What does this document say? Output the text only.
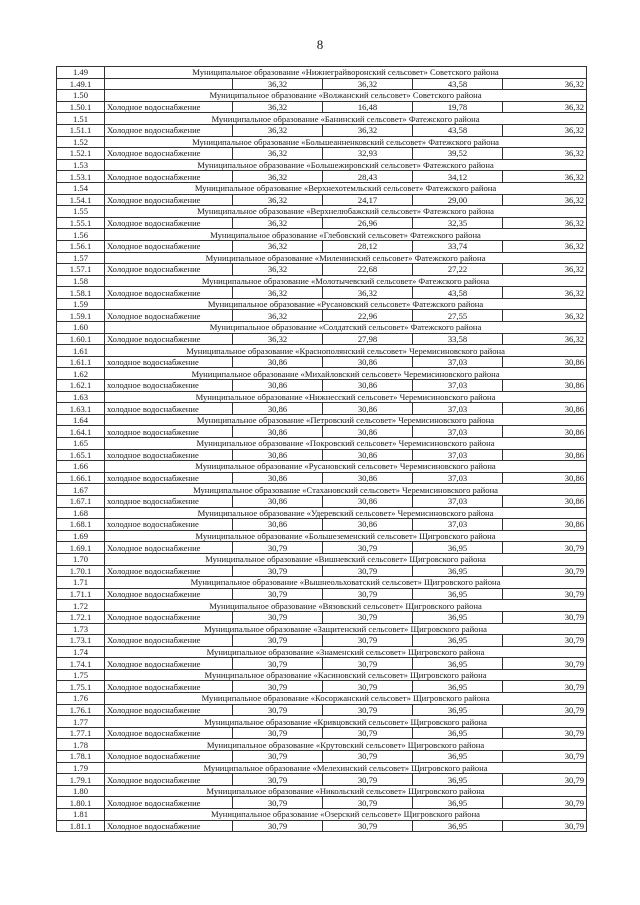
8
1.49	Муниципальное образование «Нижнеграйворонский сельсовет» Советского района				
1.49.1		36,32	36,32	43,58	36,32
1.50	Муниципальное образование «Волжанский сельсовет» Советского района				
1.50.1	Холодное водоснабжение	36,32	16,48	19,78	36,32
1.51	Муниципальное образование «Банинский сельсовет» Фатежского района				
1.51.1	Холодное водоснабжение	36,32	36,32	43,58	36,32
1.52	Муниципальное образование «Большеанненковский сельсовет» Фатежского района				
1.52.1	Холодное водоснабжение	36,32	32,93	39,52	36,32
1.53	Муниципальное образование «Большежировский сельсовет» Фатежского района				
1.53.1	Холодное водоснабжение	36,32	28,43	34,12	36,32
1.54	Муниципальное образование «Верхнехотемльский сельсовет» Фатежского района				
1.54.1	Холодное водоснабжение	36,32	24,17	29,00	36,32
1.55	Муниципальное образование «Верхнелюбажский сельсовет» Фатежского района				
1.55.1	Холодное водоснабжение	36,32	26,96	32,35	36,32
1.56	Муниципальное образование «Глебовский сельсовет» Фатежского района				
1.56.1	Холодное водоснабжение	36,32	28,12	33,74	36,32
1.57	Муниципальное образование «Миленинский сельсовет» Фатежского района				
1.57.1	Холодное водоснабжение	36,32	22,68	27,22	36,32
1.58	Муниципальное образование «Молотычевский сельсовет» Фатежского района				
1.58.1	Холодное водоснабжение	36,32	36,32	43,58	36,32
1.59	Муниципальное образование «Русановский сельсовет» Фатежского района				
1.59.1	Холодное водоснабжение	36,32	22,96	27,55	36,32
1.60	Муниципальное образование «Солдатский сельсовет» Фатежского района				
1.60.1	Холодное водоснабжение	36,32	27,98	33,58	36,32
1.61	Муниципальное образование «Краснополянский сельсовет» Черемисиновского района				
1.61.1	холодное водоснабжение	30,86	30,86	37,03	30,86
1.62	Муниципальное образование «Михайловский сельсовет» Черемисиновского района				
1.62.1	холодное водоснабжение	30,86	30,86	37,03	30,86
1.63	Муниципальное образование «Нижнесский сельсовет» Черемисиновского района				
1.63.1	холодное водоснабжение	30,86	30,86	37,03	30,86
1.64	Муниципальное образование «Петровский сельсовет» Черемисиновского района				
1.64.1	холодное водоснабжение	30,86	30,86	37,03	30,86
1.65	Муниципальное образование «Покровский сельсовет» Черемисиновского района				
1.65.1	холодное водоснабжение	30,86	30,86	37,03	30,86
1.66	Муниципальное образование «Русановский сельсовет» Черемисиновского района				
1.66.1	холодное водоснабжение	30,86	30,86	37,03	30,86
1.67	Муниципальное образование «Стахановский сельсовет» Черемисиновского района				
1.67.1	холодное водоснабжение	30,86	30,86	37,03	30,86
1.68	Муниципальное образование «Удеревский сельсовет» Черемисиновского района				
1.68.1	холодное водоснабжение	30,86	30,86	37,03	30,86
1.69	Муниципальное образование «Большеземенский сельсовет» Щигровского района				
1.69.1	Холодное водоснабжение	30,79	30,79	36,95	30,79
1.70	Муниципальное образование «Вишневский сельсовет» Щигровского района				
1.70.1	Холодное водоснабжение	30,79	30,79	36,95	30,79
1.71	Муниципальное образование «Вышнеольховатский сельсовет» Щигровского района				
1.71.1	Холодное водоснабжение	30,79	30,79	36,95	30,79
1.72	Муниципальное образование «Вязовский сельсовет» Щигровского района				
1.72.1	Холодное водоснабжение	30,79	30,79	36,95	30,79
1.73	Муниципальное образование «Защитенский сельсовет» Щигровского района				
1.73.1	Холодное водоснабжение	30,79	30,79	36,95	30,79
1.74	Муниципальное образование «Знаменский сельсовет» Щигровского района				
1.74.1	Холодное водоснабжение	30,79	30,79	36,95	30,79
1.75	Муниципальное образование «Касиновский сельсовет» Щигровского района				
1.75.1	Холодное водоснабжение	30,79	30,79	36,95	30,79
1.76	Муниципальное образование «Косоржанский сельсовет» Щигровского района				
1.76.1	Холодное водоснабжение	30,79	30,79	36,95	30,79
1.77	Муниципальное образование «Кривцовский сельсовет» Щигровского района				
1.77.1	Холодное водоснабжение	30,79	30,79	36,95	30,79
1.78	Муниципальное образование «Крутовский сельсовет» Щигровского района				
1.78.1	Холодное водоснабжение	30,79	30,79	36,95	30,79
1.79	Муниципальное образование «Мелехинский сельсовет» Щигровского района				
1.79.1	Холодное водоснабжение	30,79	30,79	36,95	30,79
1.80	Муниципальное образование «Никольский сельсовет» Щигровского района				
1.80.1	Холодное водоснабжение	30,79	30,79	36,95	30,79
1.81	Муниципальное образование «Озерский сельсовет» Щигровского района				
1.81.1	Холодное водоснабжение	30,79	30,79	36,95	30,79
